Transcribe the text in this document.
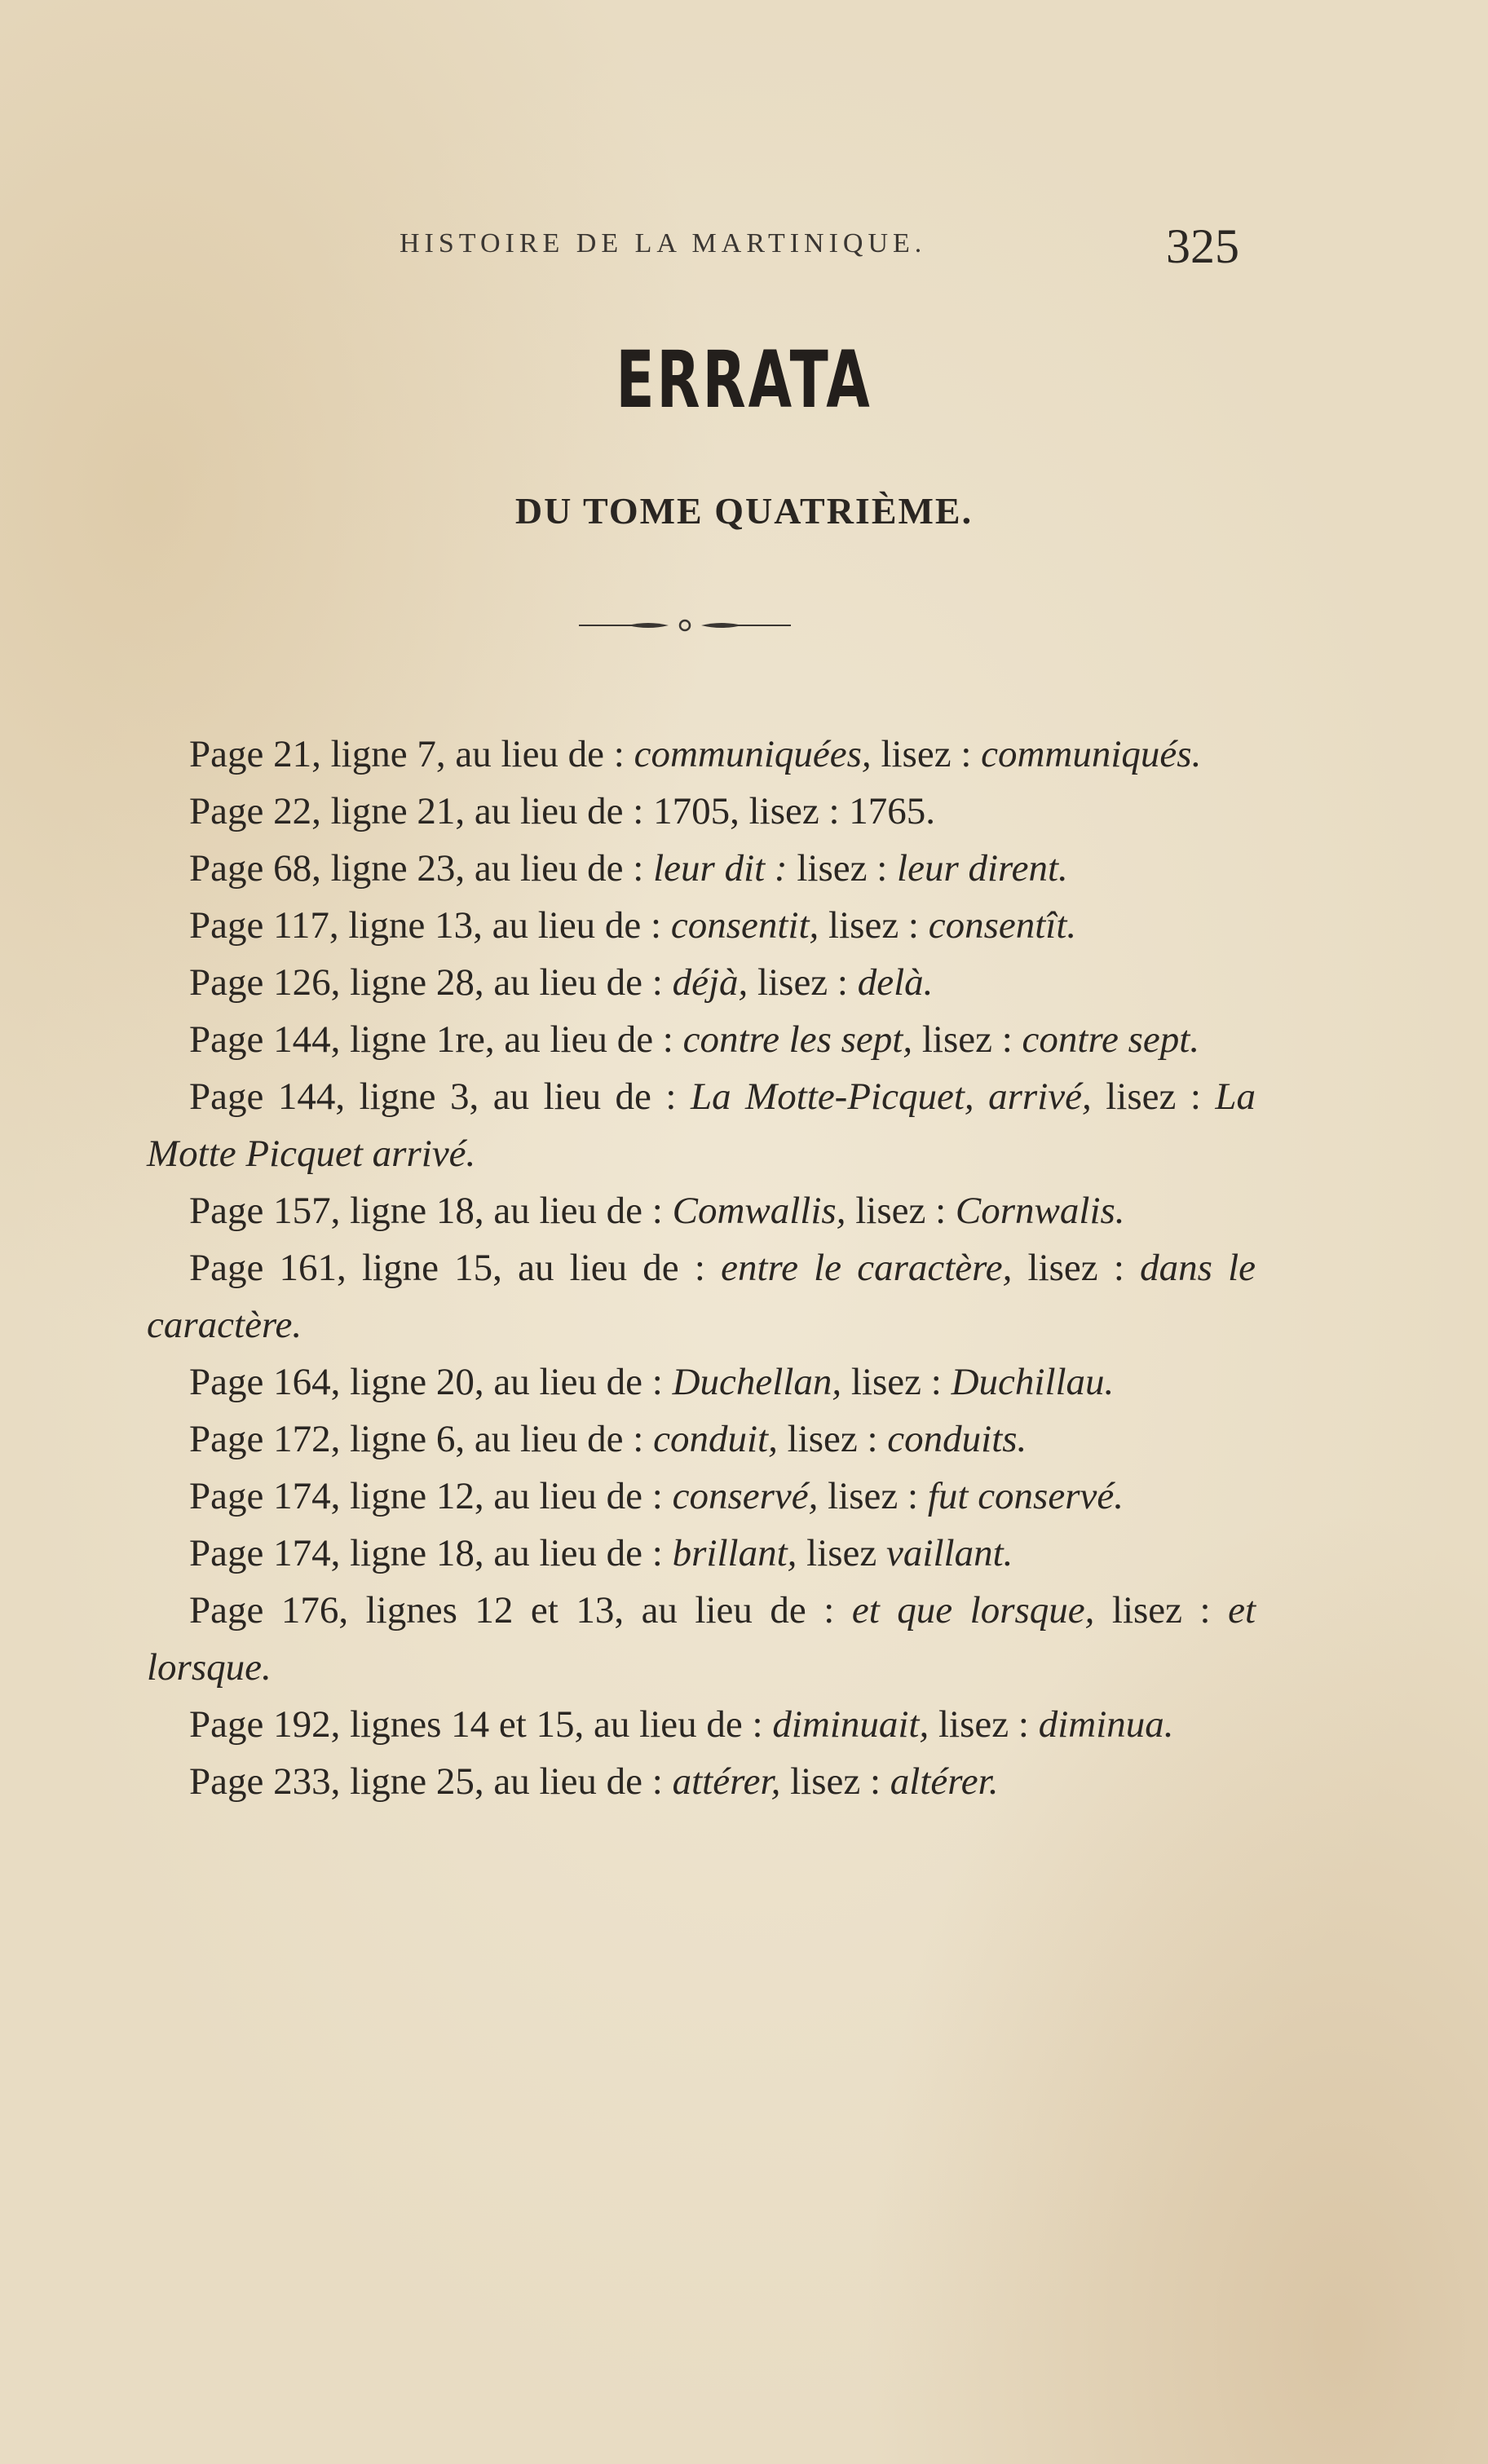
HISTOIRE DE LA MARTINIQUE.	325
ERRATA
DU TOME QUATRIÈME.

Page 21, ligne 7, au lieu de : communiquées, lisez : communiqués.

Page 22, ligne 21, au lieu de : 1705, lisez : 1765.

Page 68, ligne 23, au lieu de : leur dit : lisez : leur dirent.

Page 117, ligne 13, au lieu de : consentit, lisez : consentît.

Page 126, ligne 28, au lieu de : déjà, lisez : delà.

Page 144, ligne 1re, au lieu de : contre les sept, lisez : contre sept.

Page 144, ligne 3, au lieu de : La Motte-Picquet, arrivé, lisez : La Motte Picquet arrivé.

Page 157, ligne 18, au lieu de : Comwallis, lisez : Cornwalis.

Page 161, ligne 15, au lieu de : entre le caractère, lisez : dans le caractère.

Page 164, ligne 20, au lieu de : Duchellan, lisez : Duchillau.

Page 172, ligne 6, au lieu de : conduit, lisez : conduits.

Page 174, ligne 12, au lieu de : conservé, lisez : fut conservé.

Page 174, ligne 18, au lieu de : brillant, lisez vaillant.

Page 176, lignes 12 et 13, au lieu de : et que lorsque, lisez : et lorsque.

Page 192, lignes 14 et 15, au lieu de : diminuait, lisez : diminua.

Page 233, ligne 25, au lieu de : attérer, lisez : altérer.
